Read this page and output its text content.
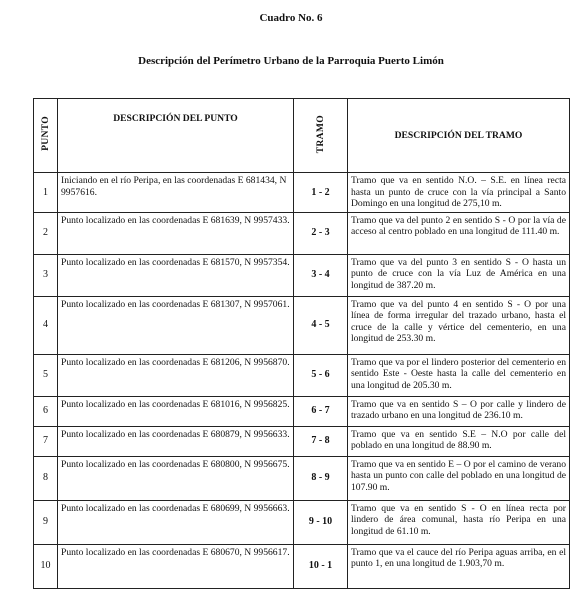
Cuadro No. 6
Descripción del Perímetro Urbano de la Parroquia Puerto Limón
PUNTO	DESCRIPCIÓN DEL PUNTO	TRAMO	DESCRIPCIÓN DEL TRAMO
1	Iniciando en el río Peripa, en las coordenadas E 681434, N 9957616.	1 - 2	Tramo que va en sentido N.O. – S.E. en línea recta hasta un punto de cruce con la vía principal a Santo Domingo en una longitud de 275,10 m.
2	Punto localizado en las coordenadas E 681639, N 9957433.	2 - 3	Tramo que va del punto 2 en sentido S - O por la vía de acceso al centro poblado en una longitud de 111.40 m.
3	Punto localizado en las coordenadas E 681570, N 9957354.	3 - 4	Tramo que va del punto 3 en sentido S - O hasta un punto de cruce con la vía Luz de América en una longitud de 387.20 m.
4	Punto localizado en las coordenadas E 681307, N 9957061.	4 - 5	Tramo que va del punto 4 en sentido S - O por una línea de forma irregular del trazado urbano, hasta el cruce de la calle y vértice del cementerio, en una longitud de 253.30 m.
5	Punto localizado en las coordenadas E 681206, N 9956870.	5 - 6	Tramo que va por el lindero posterior del cementerio en sentido Este - Oeste hasta la calle del cementerio en una longitud de 205.30 m.
6	Punto localizado en las coordenadas E 681016, N 9956825.	6 - 7	Tramo que va en sentido S – O por calle y lindero de trazado urbano en una longitud de 236.10 m.
7	Punto localizado en las coordenadas E 680879, N 9956633.	7 - 8	Tramo que va en sentido S.E – N.O por calle del poblado en una longitud de 88.90 m.
8	Punto localizado en las coordenadas E 680800, N 9956675.	8 - 9	Tramo que va en sentido E – O por el camino de verano hasta un punto con calle del poblado en una longitud de 107.90 m.
9	Punto localizado en las coordenadas E 680699, N 9956663.	9 - 10	Tramo que va en sentido S - O en línea recta por lindero de área comunal, hasta río Peripa en una longitud de 61.10 m.
10	Punto localizado en las coordenadas E 680670, N 9956617.	10 - 1	Tramo que va el cauce del río Peripa aguas arriba, en el punto 1, en una longitud de 1.903,70 m.
